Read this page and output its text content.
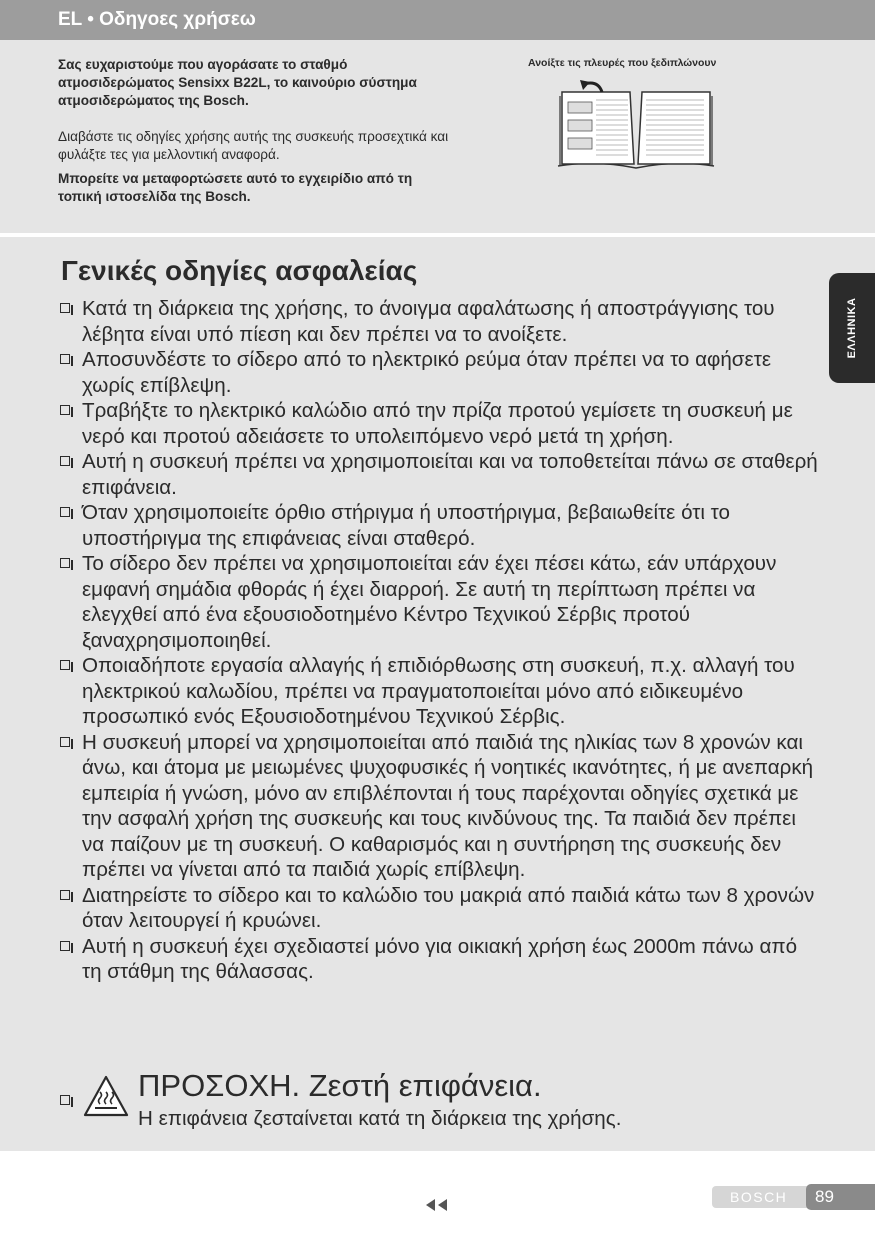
EL • Οδηγοες χρήσεω

Σας ευχαριστούμε που αγοράσατε το σταθμό ατμοσιδερώματος Sensixx B22L, το καινούριο σύστημα ατμοσιδερώματος της Bosch.

Διαβάστε τις οδηγίες χρήσης αυτής της συσκευής προσεχτικά και φυλάξτε τες για μελλοντική αναφορά.

Μπορείτε να μεταφορτώσετε αυτό το εγχειρίδιο από τη τοπική ιστοσελίδα της Bosch.

Ανοίξτε τις πλευρές που ξεδιπλώνουν
Γενικές οδηγίες ασφαλείας
ΕΛΛΗΝΙΚΑ
Κατά τη διάρκεια της χρήσης, το άνοιγμα αφαλάτωσης ή αποστράγγισης του λέβητα είναι υπό πίεση και δεν πρέπει να το ανοίξετε.
Αποσυνδέστε το σίδερο από το ηλεκτρικό ρεύμα όταν πρέπει να το αφήσετε χωρίς επίβλεψη.
Τραβήξτε το ηλεκτρικό καλώδιο από την πρίζα προτού γεμίσετε τη συσκευή με νερό και προτού αδειάσετε το υπολειπόμενο νερό μετά τη χρήση.
Αυτή η συσκευή πρέπει να χρησιμοποιείται και να τοποθετείται πάνω σε σταθερή επιφάνεια.
Όταν χρησιμοποιείτε όρθιο στήριγμα ή υποστήριγμα, βεβαιωθείτε ότι το υποστήριγμα της επιφάνειας είναι σταθερό.
Το σίδερο δεν πρέπει να χρησιμοποιείται εάν έχει πέσει κάτω, εάν υπάρχουν εμφανή σημάδια φθοράς ή έχει διαρροή. Σε αυτή τη περίπτωση πρέπει να ελεγχθεί από ένα εξουσιοδοτημένο Κέντρο Τεχνικού Σέρβις προτού ξαναχρησιμοποιηθεί.
Οποιαδήποτε εργασία αλλαγής ή επιδιόρθωσης στη συσκευή, π.χ. αλλαγή του ηλεκτρικού καλωδίου, πρέπει να πραγματοποιείται μόνο από ειδικευμένο προσωπικό ενός Εξουσιοδοτημένου Τεχνικού Σέρβις.
Η συσκευή μπορεί να χρησιμοποιείται από παιδιά της ηλικίας των 8 χρονών και άνω, και άτομα με μειωμένες ψυχοφυσικές ή νοητικές ικανότητες, ή με ανεπαρκή εμπειρία ή γνώση, μόνο αν επιβλέπονται ή τους παρέχονται οδηγίες σχετικά με την ασφαλή χρήση της συσκευής και τους κινδύνους της. Τα παιδιά δεν πρέπει να παίζουν με τη συσκευή. Ο καθαρισμός και η συντήρηση της συσκευής δεν πρέπει να γίνεται από τα παιδιά χωρίς επίβλεψη.
Διατηρείστε το σίδερο και το καλώδιο του μακριά από παιδιά κάτω των 8 χρονών όταν λειτουργεί ή κρυώνει.
Αυτή η συσκευή έχει σχεδιαστεί μόνο για οικιακή χρήση έως 2000m πάνω από τη στάθμη της θάλασσας.
ΠΡΟΣΟΧΗ. Ζεστή επιφάνεια.
Η επιφάνεια ζεσταίνεται κατά τη διάρκεια της χρήσης.
BOSCH 89
